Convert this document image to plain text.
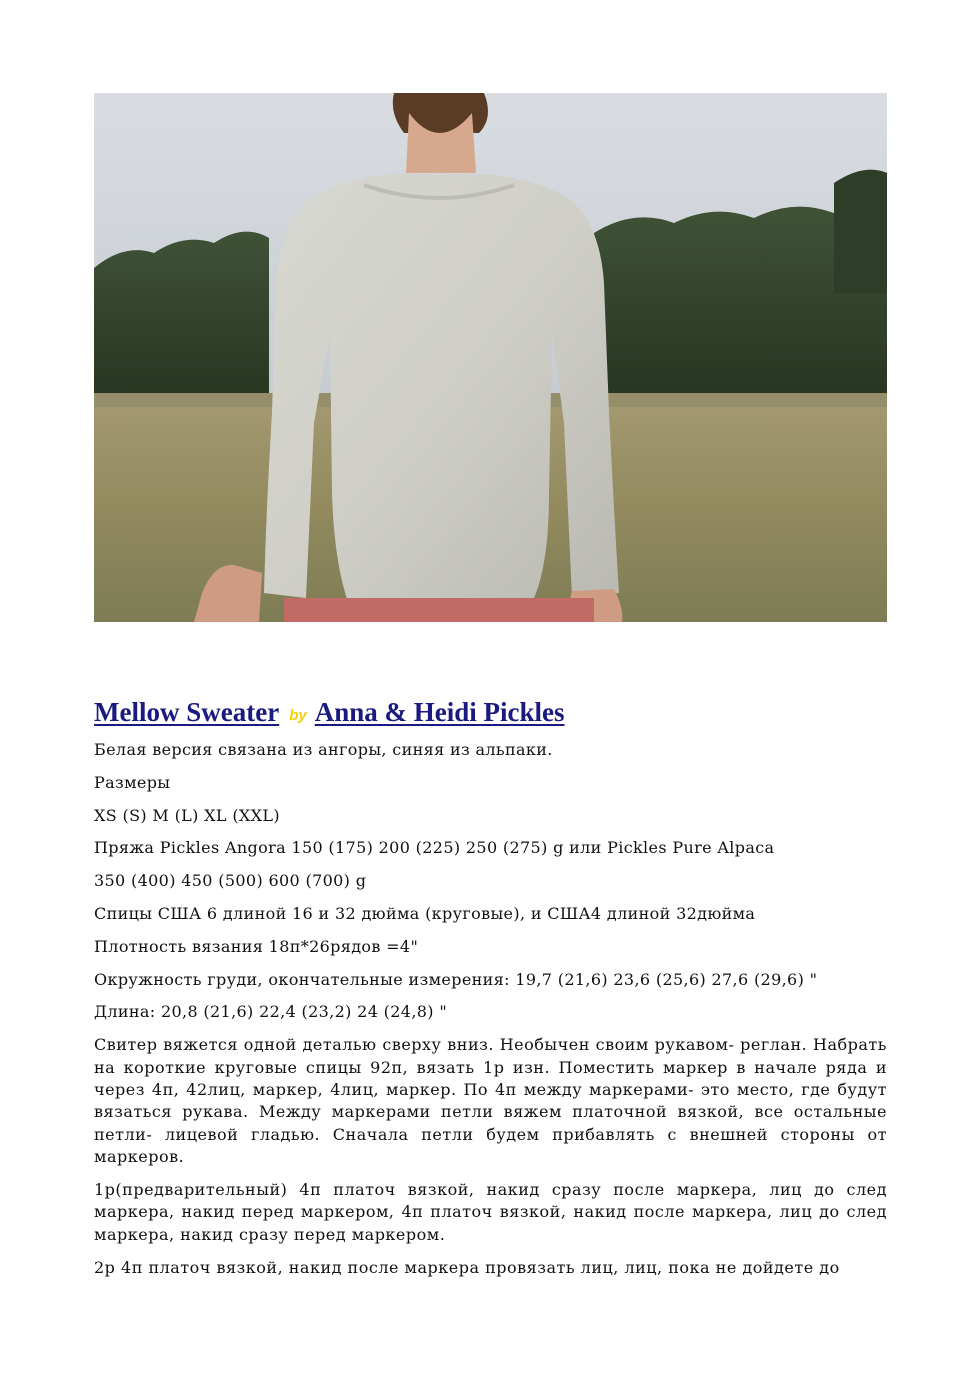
Mellow Sweater by Anna & Heidi Pickles

Белая версия связана из ангоры, синяя из альпаки.

Размеры

XS (S) M (L) XL (XXL)

Пряжа Pickles Angora 150 (175) 200 (225) 250 (275) g или Pickles Pure Alpaca

350 (400) 450 (500) 600 (700) g

Спицы США 6 длиной 16 и 32 дюйма (круговые), и США4 длиной 32дюйма

Плотность вязания 18п*26рядов =4"

Окружность груди, окончательные измерения: 19,7 (21,6) 23,6 (25,6) 27,6 (29,6) "

Длина: 20,8 (21,6) 22,4 (23,2) 24 (24,8) "

Свитер вяжется одной деталью сверху вниз. Необычен своим рукавом- реглан. Набрать на короткие круговые спицы 92п, вязать 1р изн. Поместить маркер в начале ряда и через 4п, 42лиц, маркер, 4лиц, маркер. По 4п между маркерами- это место, где будут вязаться рукава. Между маркерами петли вяжем платочной вязкой, все остальные петли- лицевой гладью. Сначала петли будем прибавлять с внешней стороны от маркеров.

1р(предварительный) 4п платоч вязкой, накид сразу после маркера, лиц до след маркера, накид перед маркером, 4п платоч вязкой, накид после маркера, лиц до след маркера, накид сразу перед маркером.

2р 4п платоч вязкой, накид после маркера провязать лиц, лиц, пока не дойдете до
